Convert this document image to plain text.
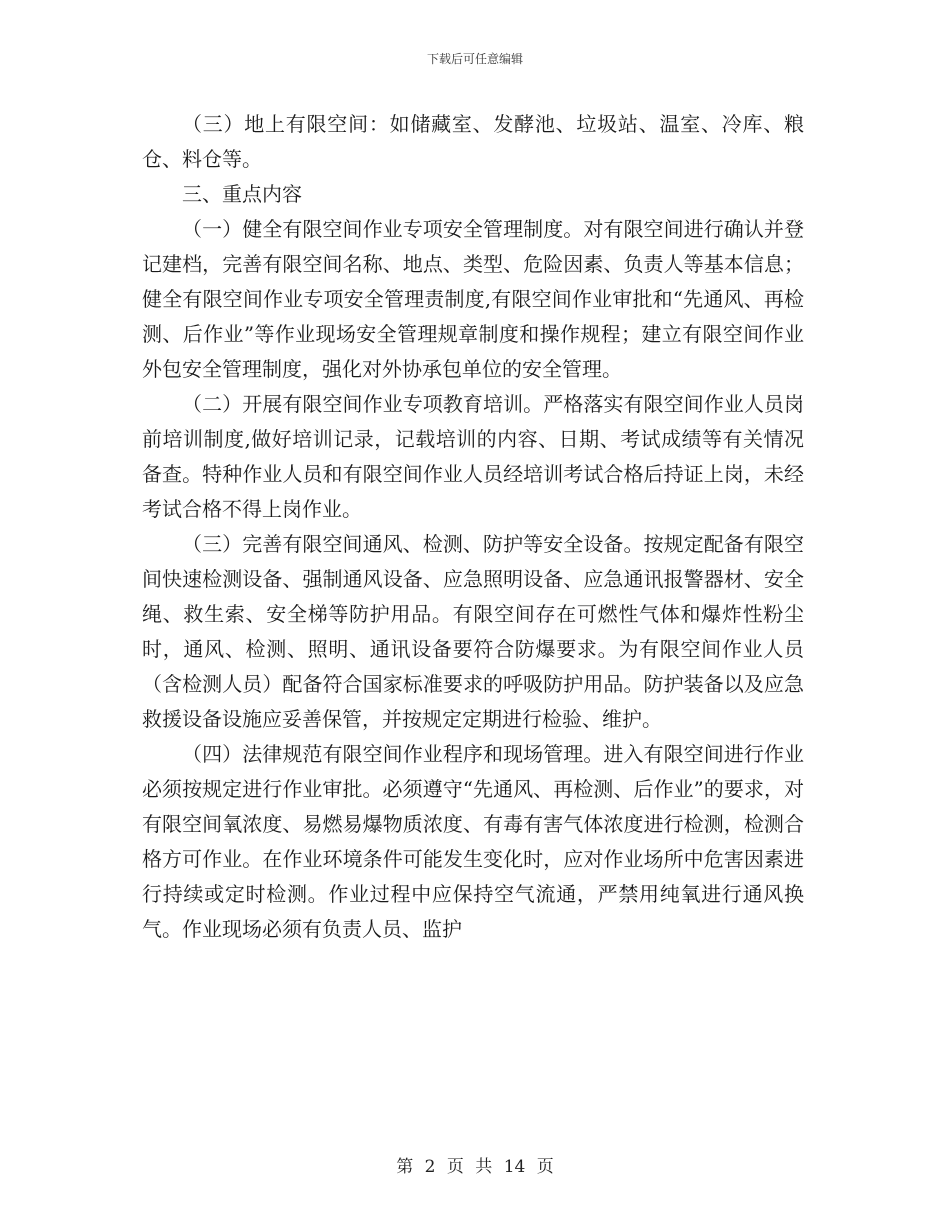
下载后可任意编辑

（三）地上有限空间：如储藏室、发酵池、垃圾站、温室、冷库、粮仓、料仓等。

三、重点内容

（一）健全有限空间作业专项安全管理制度。对有限空间进行确认并登记建档，完善有限空间名称、地点、类型、危险因素、负责人等基本信息；健全有限空间作业专项安全管理责制度,有限空间作业审批和“先通风、再检测、后作业”等作业现场安全管理规章制度和操作规程；建立有限空间作业外包安全管理制度，强化对外协承包单位的安全管理。

（二）开展有限空间作业专项教育培训。严格落实有限空间作业人员岗前培训制度,做好培训记录，记载培训的内容、日期、考试成绩等有关情况备查。特种作业人员和有限空间作业人员经培训考试合格后持证上岗，未经考试合格不得上岗作业。

（三）完善有限空间通风、检测、防护等安全设备。按规定配备有限空间快速检测设备、强制通风设备、应急照明设备、应急通讯报警器材、安全绳、救生索、安全梯等防护用品。有限空间存在可燃性气体和爆炸性粉尘时，通风、检测、照明、通讯设备要符合防爆要求。为有限空间作业人员（含检测人员）配备符合国家标准要求的呼吸防护用品。防护装备以及应急救援设备设施应妥善保管，并按规定定期进行检验、维护。

（四）法律规范有限空间作业程序和现场管理。进入有限空间进行作业必须按规定进行作业审批。必须遵守“先通风、再检测、后作业”的要求，对有限空间氧浓度、易燃易爆物质浓度、有毒有害气体浓度进行检测，检测合格方可作业。在作业环境条件可能发生变化时，应对作业场所中危害因素进行持续或定时检测。作业过程中应保持空气流通，严禁用纯氧进行通风换气。作业现场必须有负责人员、监护

第 2 页 共 14 页
